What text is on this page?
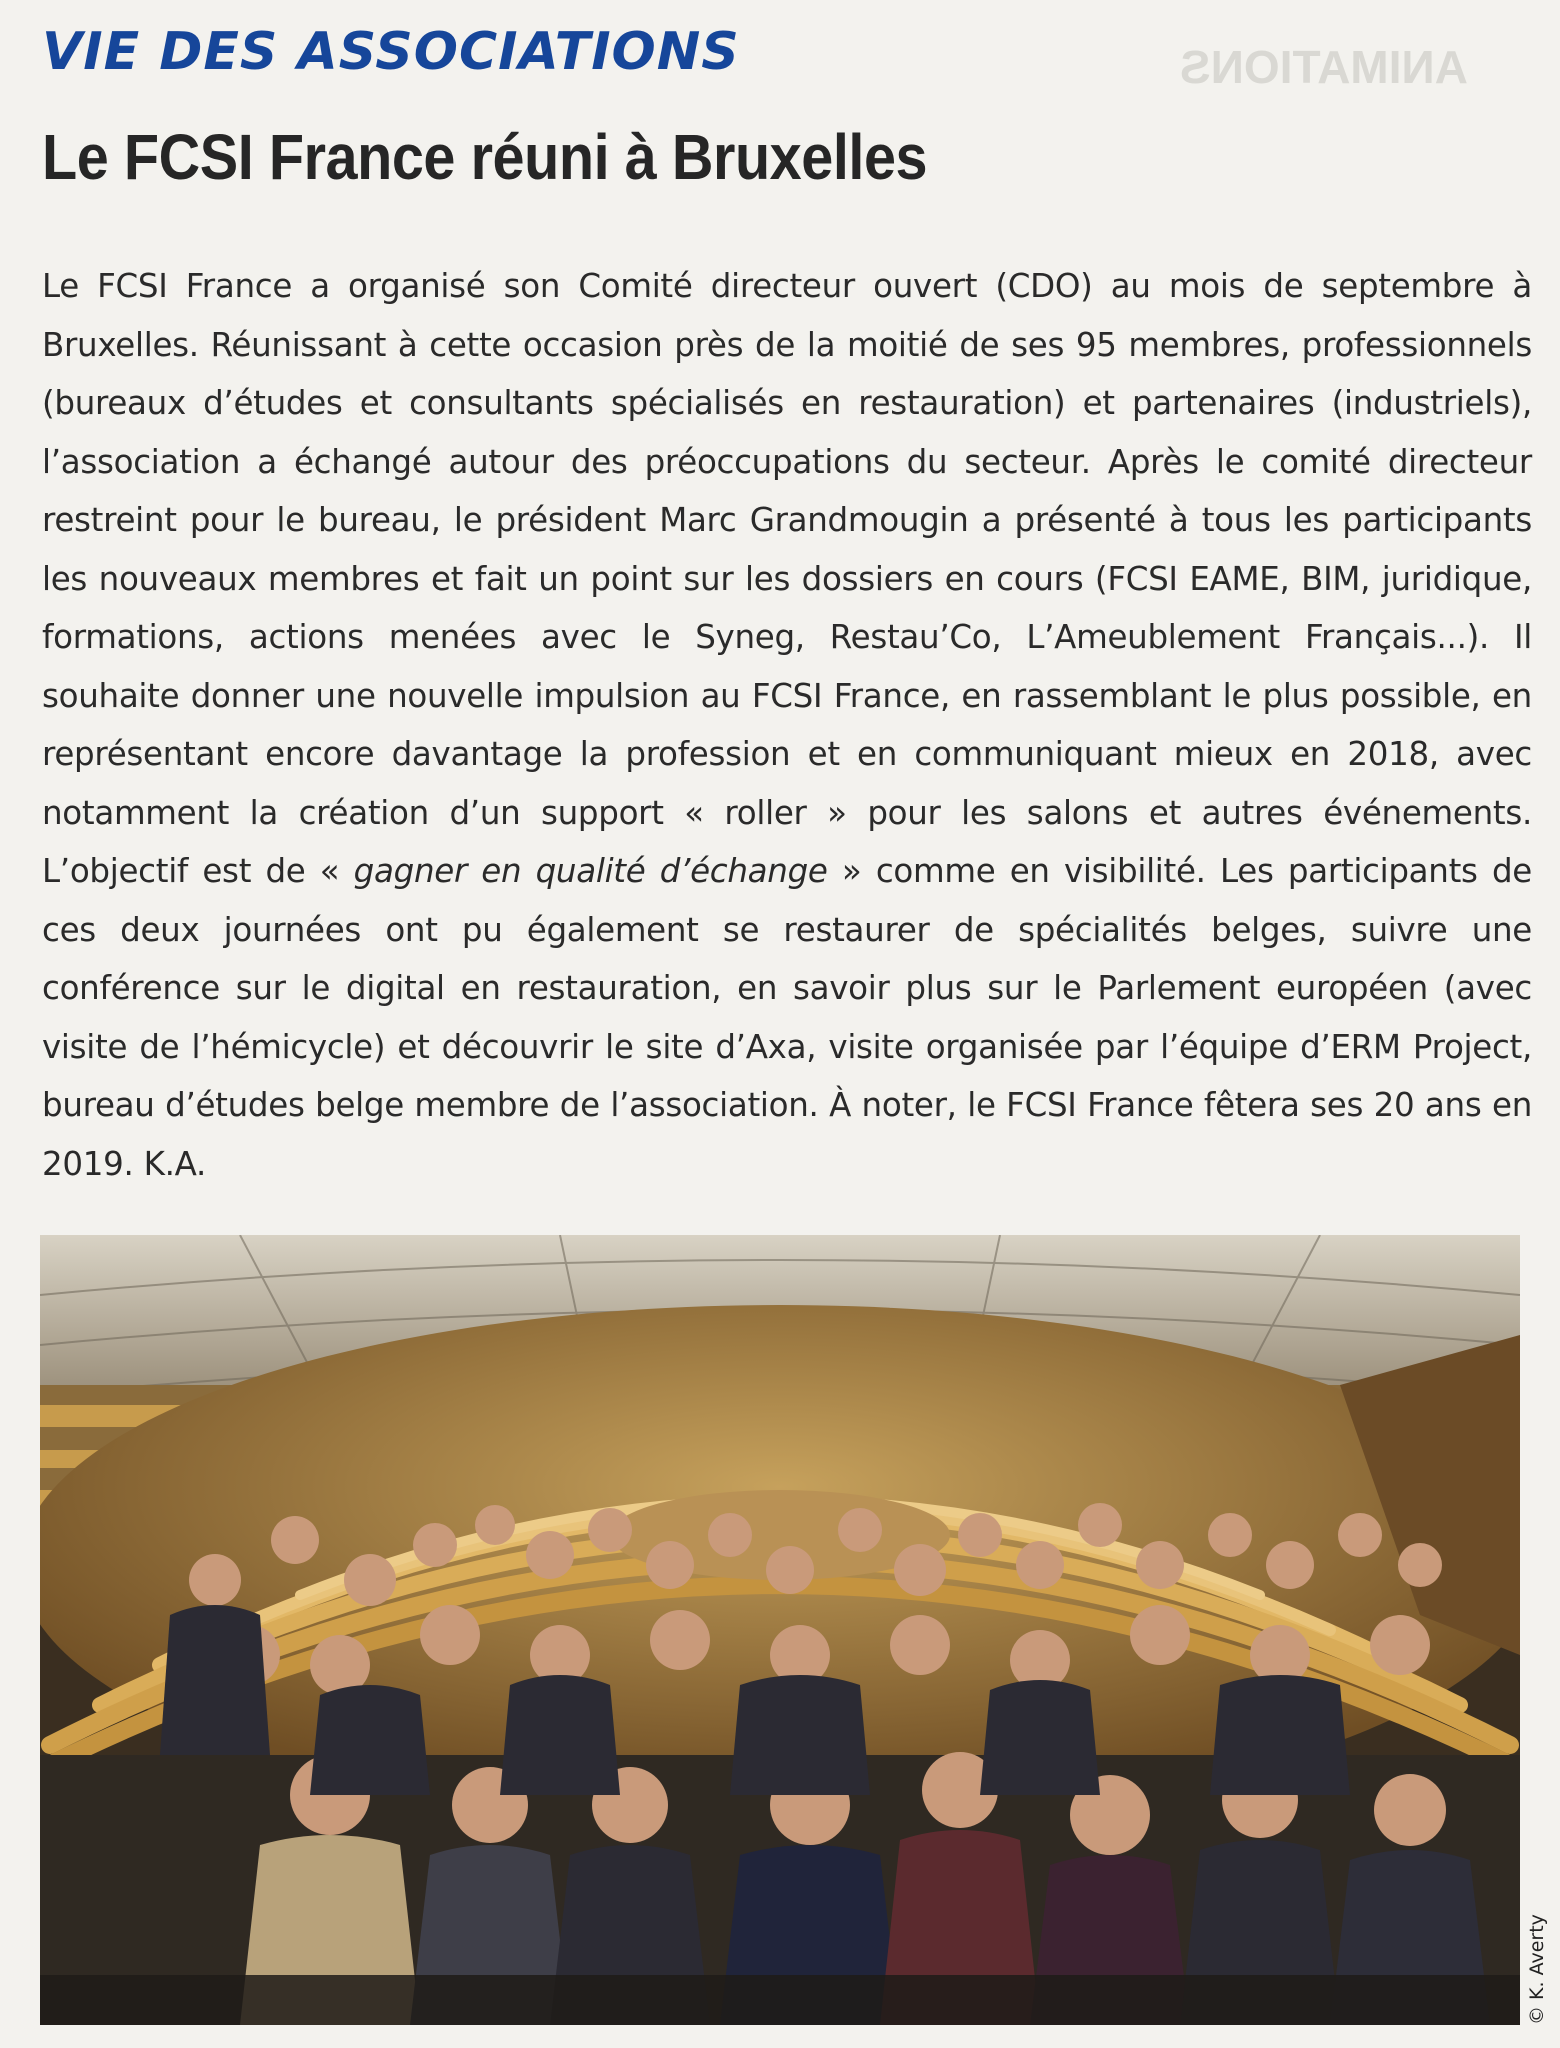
ANIMATIONS

VIE DES ASSOCIATIONS
Le FCSI France réuni à Bruxelles

Le FCSI France a organisé son Comité directeur ouvert (CDO) au mois de septembre à Bruxelles. Réunissant à cette occasion près de la moitié de ses 95 membres, professionnels (bureaux d’études et consultants spécialisés en restauration) et partenaires (industriels), l’association a échangé autour des préoccupations du secteur. Après le comité directeur restreint pour le bureau, le président Marc Grandmougin a présenté à tous les participants les nouveaux membres et fait un point sur les dossiers en cours (FCSI EAME, BIM, juridique, formations, actions menées avec le Syneg, Restau’Co, L’Ameublement Français...). Il souhaite donner une nouvelle impulsion au FCSI France, en rassemblant le plus possible, en représentant encore davantage la profession et en communiquant mieux en 2018, avec notamment la création d’un support « roller » pour les salons et autres événements. L’objectif est de « gagner en qualité d’échange » comme en visibilité. Les participants de ces deux journées ont pu également se restaurer de spécialités belges, suivre une conférence sur le digital en restauration, en savoir plus sur le Parlement européen (avec visite de l’hémicycle) et découvrir le site d’Axa, visite organisée par l’équipe d’ERM Project, bureau d’études belge membre de l’association. À noter, le FCSI France fêtera ses 20 ans en 2019. K.A.

© K. Averty
